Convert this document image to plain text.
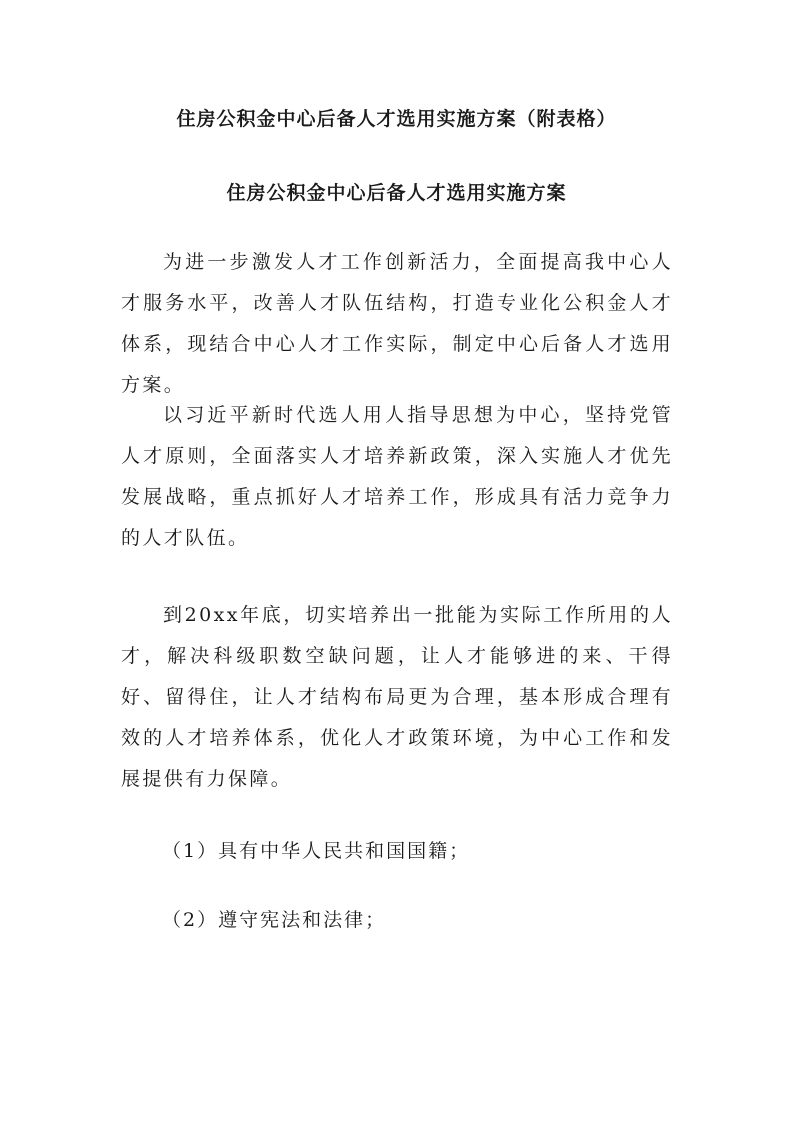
住房公积金中心后备人才选用实施方案（附表格）
住房公积金中心后备人才选用实施方案

为进一步激发人才工作创新活力，全面提高我中心人才服务水平，改善人才队伍结构，打造专业化公积金人才体系，现结合中心人才工作实际，制定中心后备人才选用方案。

以习近平新时代选人用人指导思想为中心，坚持党管人才原则，全面落实人才培养新政策，深入实施人才优先发展战略，重点抓好人才培养工作，形成具有活力竞争力的人才队伍。

到20xx年底，切实培养出一批能为实际工作所用的人才，解决科级职数空缺问题，让人才能够进的来、干得好、留得住，让人才结构布局更为合理，基本形成合理有效的人才培养体系，优化人才政策环境，为中心工作和发展提供有力保障。

（1）具有中华人民共和国国籍；

（2）遵守宪法和法律；
